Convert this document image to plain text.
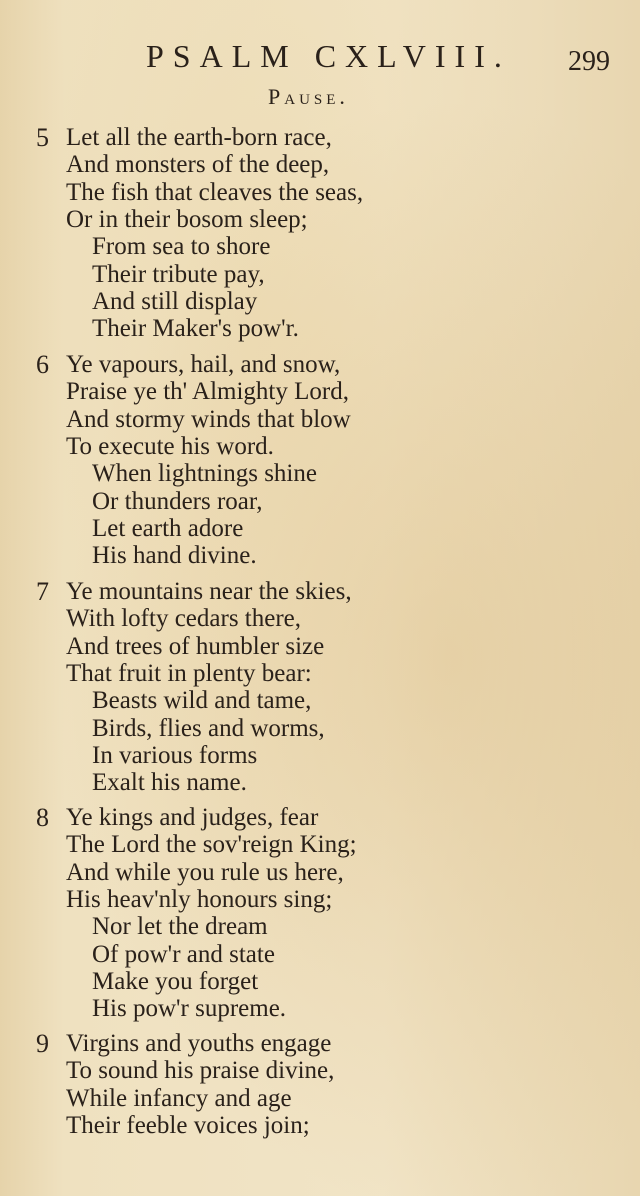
PSALM CXLVIII. 299
Pause.
5 Let all the earth-born race,
And monsters of the deep,
The fish that cleaves the seas,
Or in their bosom sleep;
From sea to shore
Their tribute pay,
And still display
Their Maker's pow'r.
6 Ye vapours, hail, and snow,
Praise ye th' Almighty Lord,
And stormy winds that blow
To execute his word.
When lightnings shine
Or thunders roar,
Let earth adore
His hand divine.
7 Ye mountains near the skies,
With lofty cedars there,
And trees of humbler size
That fruit in plenty bear:
Beasts wild and tame,
Birds, flies and worms,
In various forms
Exalt his name.
8 Ye kings and judges, fear
The Lord the sov'reign King;
And while you rule us here,
His heav'nly honours sing;
Nor let the dream
Of pow'r and state
Make you forget
His pow'r supreme.
9 Virgins and youths engage
To sound his praise divine,
While infancy and age
Their feeble voices join;
